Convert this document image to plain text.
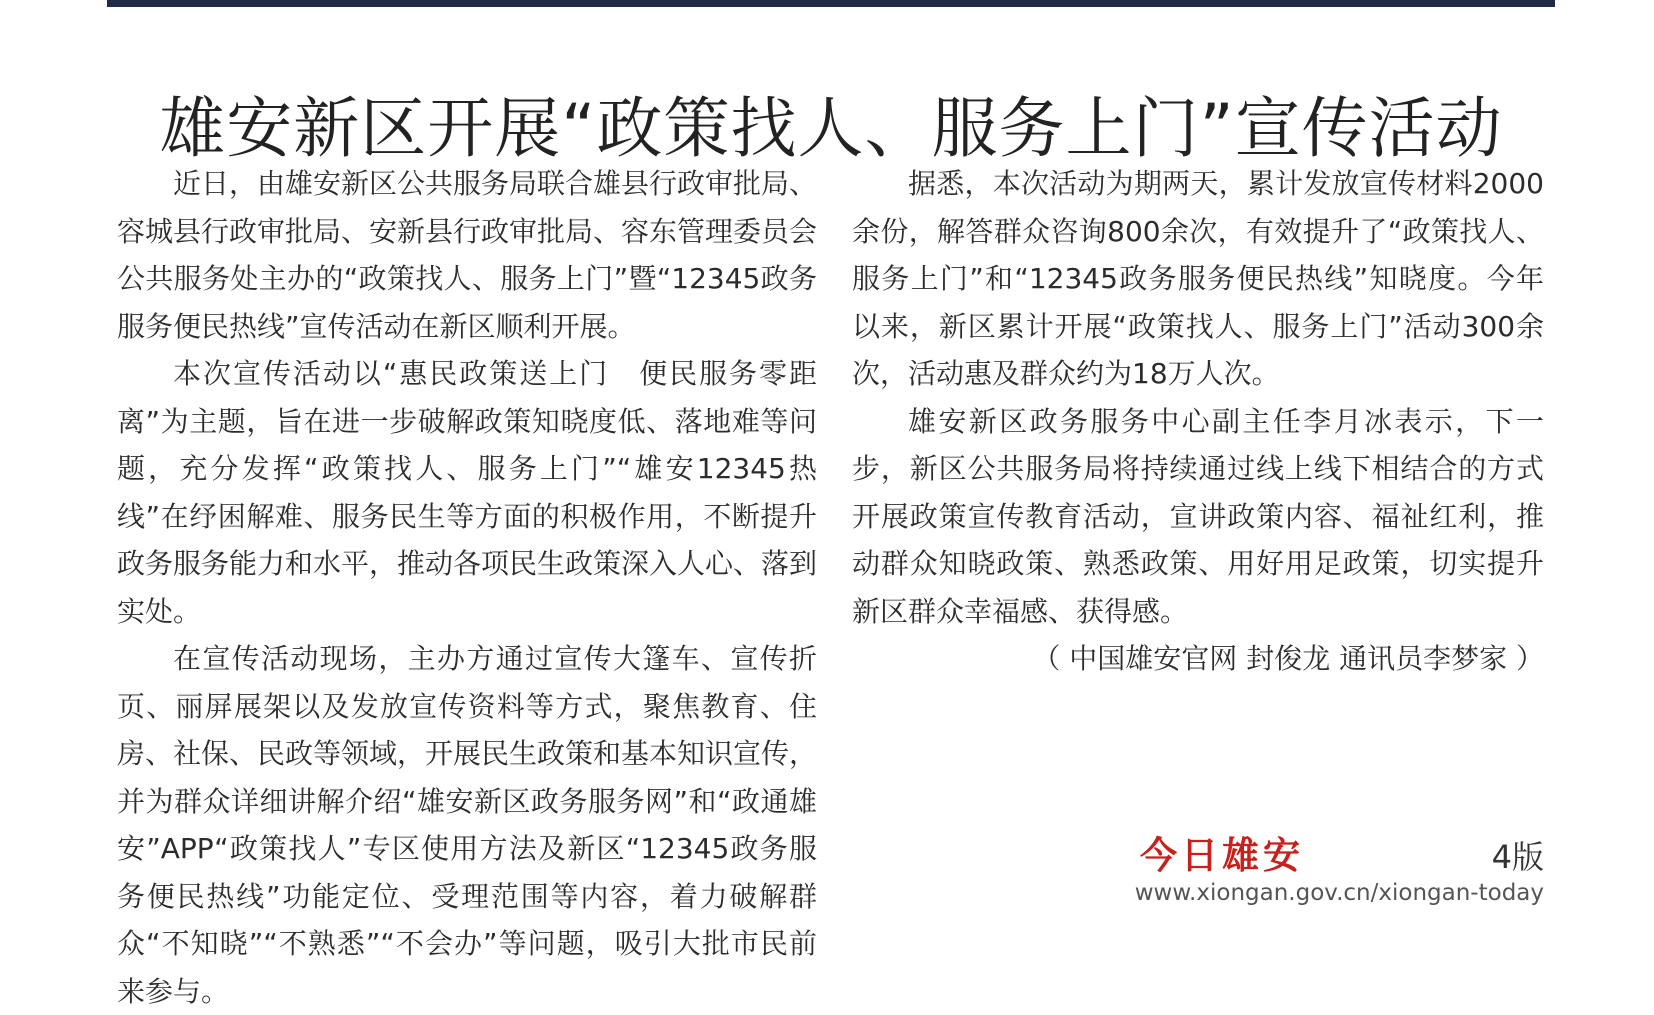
雄安新区开展“政策找人、服务上门”宣传活动

近日，由雄安新区公共服务局联合雄县行政审批局、容城县行政审批局、安新县行政审批局、容东管理委员会公共服务处主办的“政策找人、服务上门”暨“12345政务服务便民热线”宣传活动在新区顺利开展。

本次宣传活动以“惠民政策送上门　便民服务零距离”为主题，旨在进一步破解政策知晓度低、落地难等问题，充分发挥“政策找人、服务上门”“雄安12345热线”在纾困解难、服务民生等方面的积极作用，不断提升政务服务能力和水平，推动各项民生政策深入人心、落到实处。

在宣传活动现场，主办方通过宣传大篷车、宣传折页、丽屏展架以及发放宣传资料等方式，聚焦教育、住房、社保、民政等领域，开展民生政策和基本知识宣传，并为群众详细讲解介绍“雄安新区政务服务网”和“政通雄安”APP“政策找人”专区使用方法及新区“12345政务服务便民热线”功能定位、受理范围等内容，着力破解群众“不知晓”“不熟悉”“不会办”等问题，吸引大批市民前来参与。

据悉，本次活动为期两天，累计发放宣传材料2000余份，解答群众咨询800余次，有效提升了“政策找人、服务上门”和“12345政务服务便民热线”知晓度。今年以来，新区累计开展“政策找人、服务上门”活动300余次，活动惠及群众约为18万人次。

雄安新区政务服务中心副主任李月冰表示，下一步，新区公共服务局将持续通过线上线下相结合的方式开展政策宣传教育活动，宣讲政策内容、福祉红利，推动群众知晓政策、熟悉政策、用好用足政策，切实提升新区群众幸福感、获得感。

（ 中国雄安官网 封俊龙 通讯员李梦家 ）

今日雄安	4版
www.xiongan.gov.cn/xiongan-today
